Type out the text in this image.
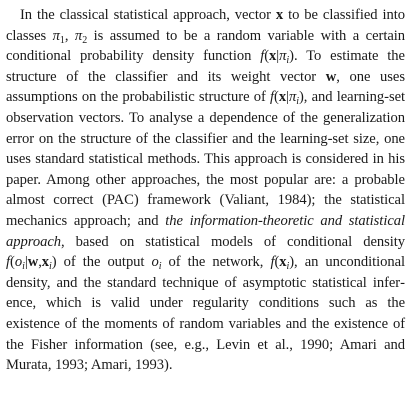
In the classical statistical approach, vector x to be classified into classes $\pi_1$, $\pi_2$ is assumed to be a random variable with a certain conditional probability density function $f(x|\pi_i)$. To estimate the structure of the classifier and its weight vector w, one uses assumptions on the probabilistic structure of $f(x|\pi_i)$, and learning-set observation vectors. To analyse a dependence of the generalization error on the structure of the classifier and the learning-set size, one uses standard statistical methods. This approach is considered in his paper. Among other approaches, the most popular are: a probable almost correct (PAC) framework (Valiant, 1984); the statistical mechanics approach; and the information-theoretic and statistical approach, based on statistical models of conditional density $f(o_i|w,x_i)$ of the output $o_i$ of the network, $f(x_i)$, an unconditional density, and the standard technique of asymptotic statistical inference, which is valid under regularity conditions such as the existence of the moments of random variables and the existence of the Fisher information (see, e.g., Levin et al., 1990; Amari and Murata, 1993; Amari, 1993).
